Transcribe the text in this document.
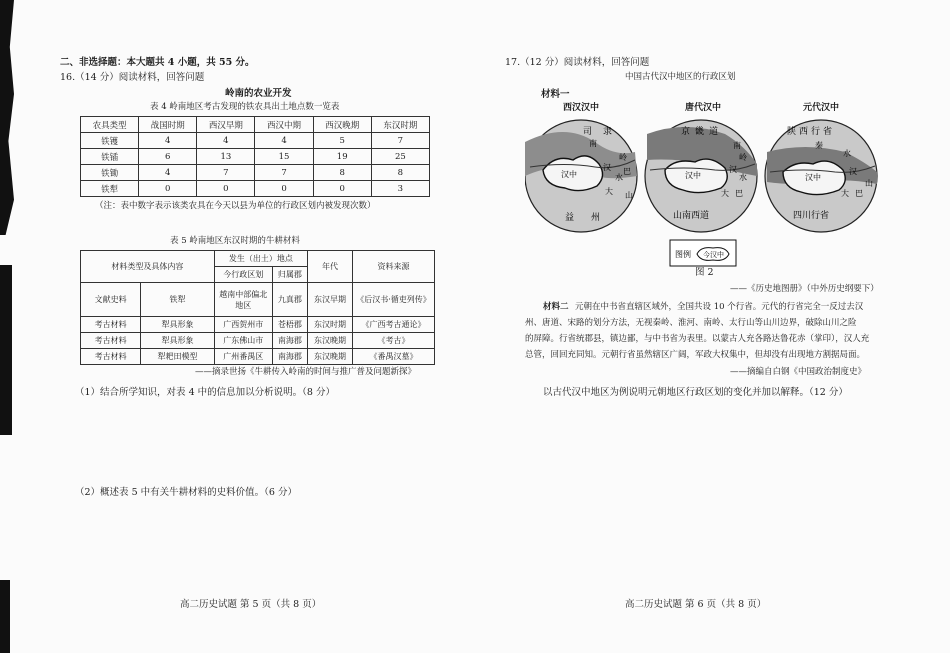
二、非选择题：本大题共 4 小题，共 55 分。
16.（14 分）阅读材料，回答问题
岭南的农业开发
表 4 岭南地区考古发现的铁农具出土地点数一览表
农具类型	战国时期	西汉早期	西汉中期	西汉晚期	东汉时期
铁镬	4	4	4	5	7
铁锸	6	13	15	19	25
铁锄	4	7	7	8	8
铁犁	0	0	0	0	3
（注：表中数字表示该类农具在今天以县为单位的行政区划内被发现次数）
表 5 岭南地区东汉时期的牛耕材料
材料类型及具体内容		发生（出土）地点		年代	资料来源
		今行政区划	归属郡		
文献史料	铁犁	越南中部偏北地区	九真郡	东汉早期	《后汉书·循吏列传》
考古材料	犁具形象	广西贺州市	苍梧郡	东汉时期	《广西考古通论》
考古材料	犁具形象	广东佛山市	南海郡	东汉晚期	《考古》
考古材料	犁耙田模型	广州番禺区	南海郡	东汉晚期	《番禺汉墓》
——摘录世扬《牛耕传入岭南的时间与推广普及问题新探》
（1）结合所学知识，对表 4 中的信息加以分析说明。（8 分）
（2）概述表 5 中有关牛耕材料的史料价值。（6 分）
高二历史试题 第 5 页（共 8 页）
17.（12 分）阅读材料，回答问题
中国古代汉中地区的行政区划
材料一
西汉汉中	唐代汉中	元代汉中
司 隶
南
岭
汉中	巴
汉
水
大 山
益 州
京 畿 道
南
岭
汉中
汉
水
大 巴
山南西道
陕 西 行 省
秦
水
汉中
汉
大 巴
山
四川行省
图例 今汉中
图 2
——《历史地图册》（中外历史纲要下）
材料二 元朝在中书省直辖区域外，全国共设 10 个行省。元代的行省完全一反过去汉
州、唐道、宋路的划分方法，无视秦岭、淮河、南岭、太行山等山川边界，破除山川之险
的屏障。行省统郡县，镇边鄙，与中书省为表里。以蒙古人充各路达鲁花赤（掌印），汉人充
总管，回回充同知。元朝行省虽然辖区广阔，军政大权集中，但却没有出现地方割据局面。
——摘编自白钢《中国政治制度史》
以古代汉中地区为例说明元朝地区行政区划的变化并加以解释。（12 分）
高二历史试题 第 6 页（共 8 页）
